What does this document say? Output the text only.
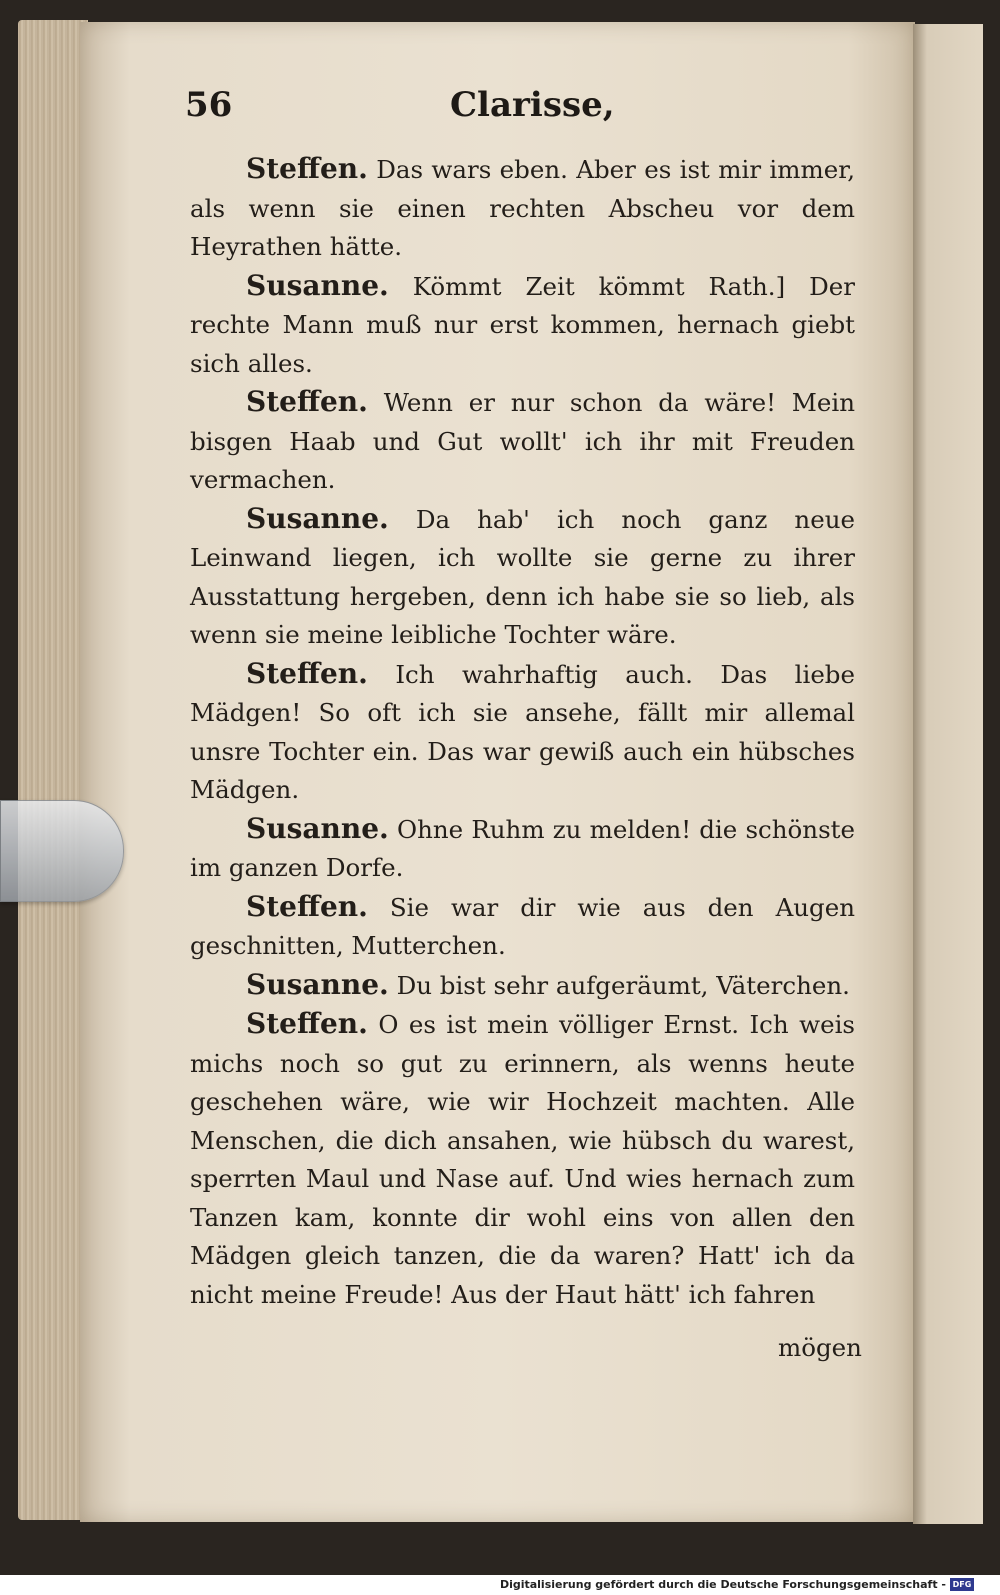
56	Clarisse,

Steffen. Das wars eben. Aber es ist mir immer, als wenn sie einen rechten Abscheu vor dem Heyrathen hätte.

Susanne. Kömmt Zeit kömmt Rath.] Der rechte Mann muß nur erst kommen, hernach giebt sich alles.

Steffen. Wenn er nur schon da wäre! Mein bisgen Haab und Gut wollt' ich ihr mit Freuden vermachen.

Susanne. Da hab' ich noch ganz neue Leinwand liegen, ich wollte sie gerne zu ihrer Ausstattung hergeben, denn ich habe sie so lieb, als wenn sie meine leibliche Tochter wäre.

Steffen. Ich wahrhaftig auch. Das liebe Mädgen! So oft ich sie ansehe, fällt mir allemal unsre Tochter ein. Das war gewiß auch ein hübsches Mädgen.

Susanne. Ohne Ruhm zu melden! die schönste im ganzen Dorfe.

Steffen. Sie war dir wie aus den Augen geschnitten, Mutterchen.

Susanne. Du bist sehr aufgeräumt, Väterchen.

Steffen. O es ist mein völliger Ernst. Ich weis michs noch so gut zu erinnern, als wenns heute geschehen wäre, wie wir Hochzeit machten. Alle Menschen, die dich ansahen, wie hübsch du warest, sperrten Maul und Nase auf. Und wies hernach zum Tanzen kam, konnte dir wohl eins von allen den Mädgen gleich tanzen, die da waren? Hatt' ich da nicht meine Freude! Aus der Haut hätt' ich fahren

mögen
Digitalisierung gefördert durch die Deutsche Forschungsgemeinschaft - DFG
